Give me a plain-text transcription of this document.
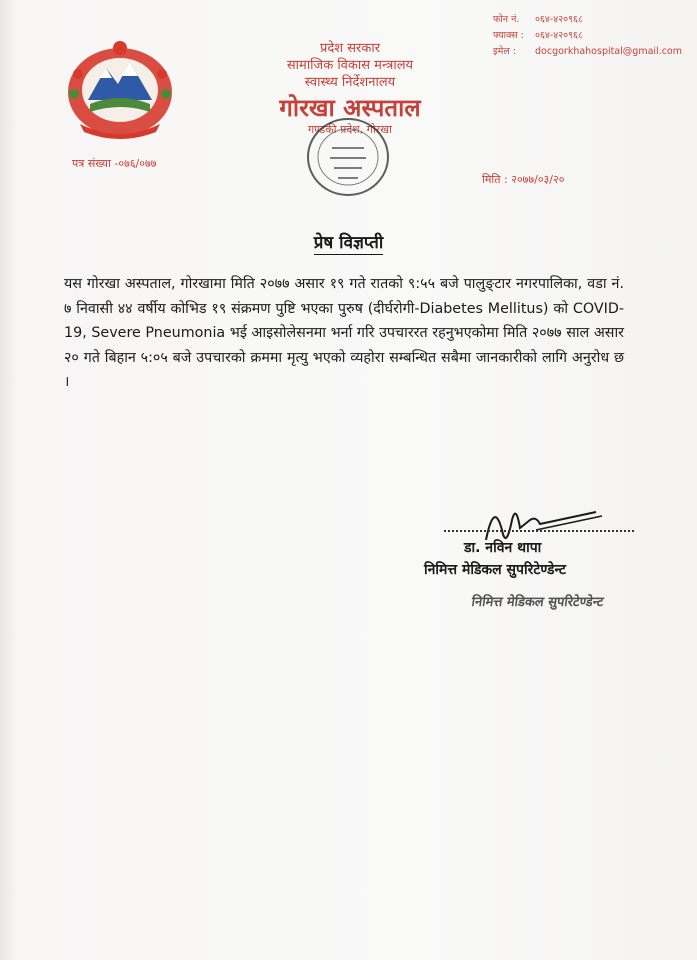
प्रदेश सरकार
सामाजिक विकास मन्त्रालय
स्वास्थ्य निर्देशनालय
गोरखा अस्पताल
गण्डकी प्रदेश, गोरखा
फोन नं.	०६४-४२०९६८
फ्याक्स :	०६४-४२०९६८
इमेल :	docgorkhahospital@gmail.com
पत्र संख्या -०७६/०७७
मिति : २०७७/०३/२०
प्रेष विज्ञप्ती
यस गोरखा अस्पताल, गोरखामा मिति २०७७ असार १९ गते रातको ९:५५ बजे पालुङ्टार नगरपालिका, वडा नं. ७ निवासी ४४ वर्षीय कोभिड १९ संक्रमण पुष्टि भएका पुरुष (दीर्घरोगी-Diabetes Mellitus) को COVID-19, Severe Pneumonia भई आइसोलेसनमा भर्ना गरि उपचाररत रहनुभएकोमा मिति २०७७ साल असार २० गते बिहान ५:०५ बजे उपचारको क्रममा मृत्यु भएको व्यहोरा सम्बन्धित सबैमा जानकारीको लागि अनुरोध छ ।
डा. नविन थापा
निमित्त मेडिकल सुपरिटेण्डेन्ट
निमित्त मेडिकल सुपरिटेण्डेन्ट
